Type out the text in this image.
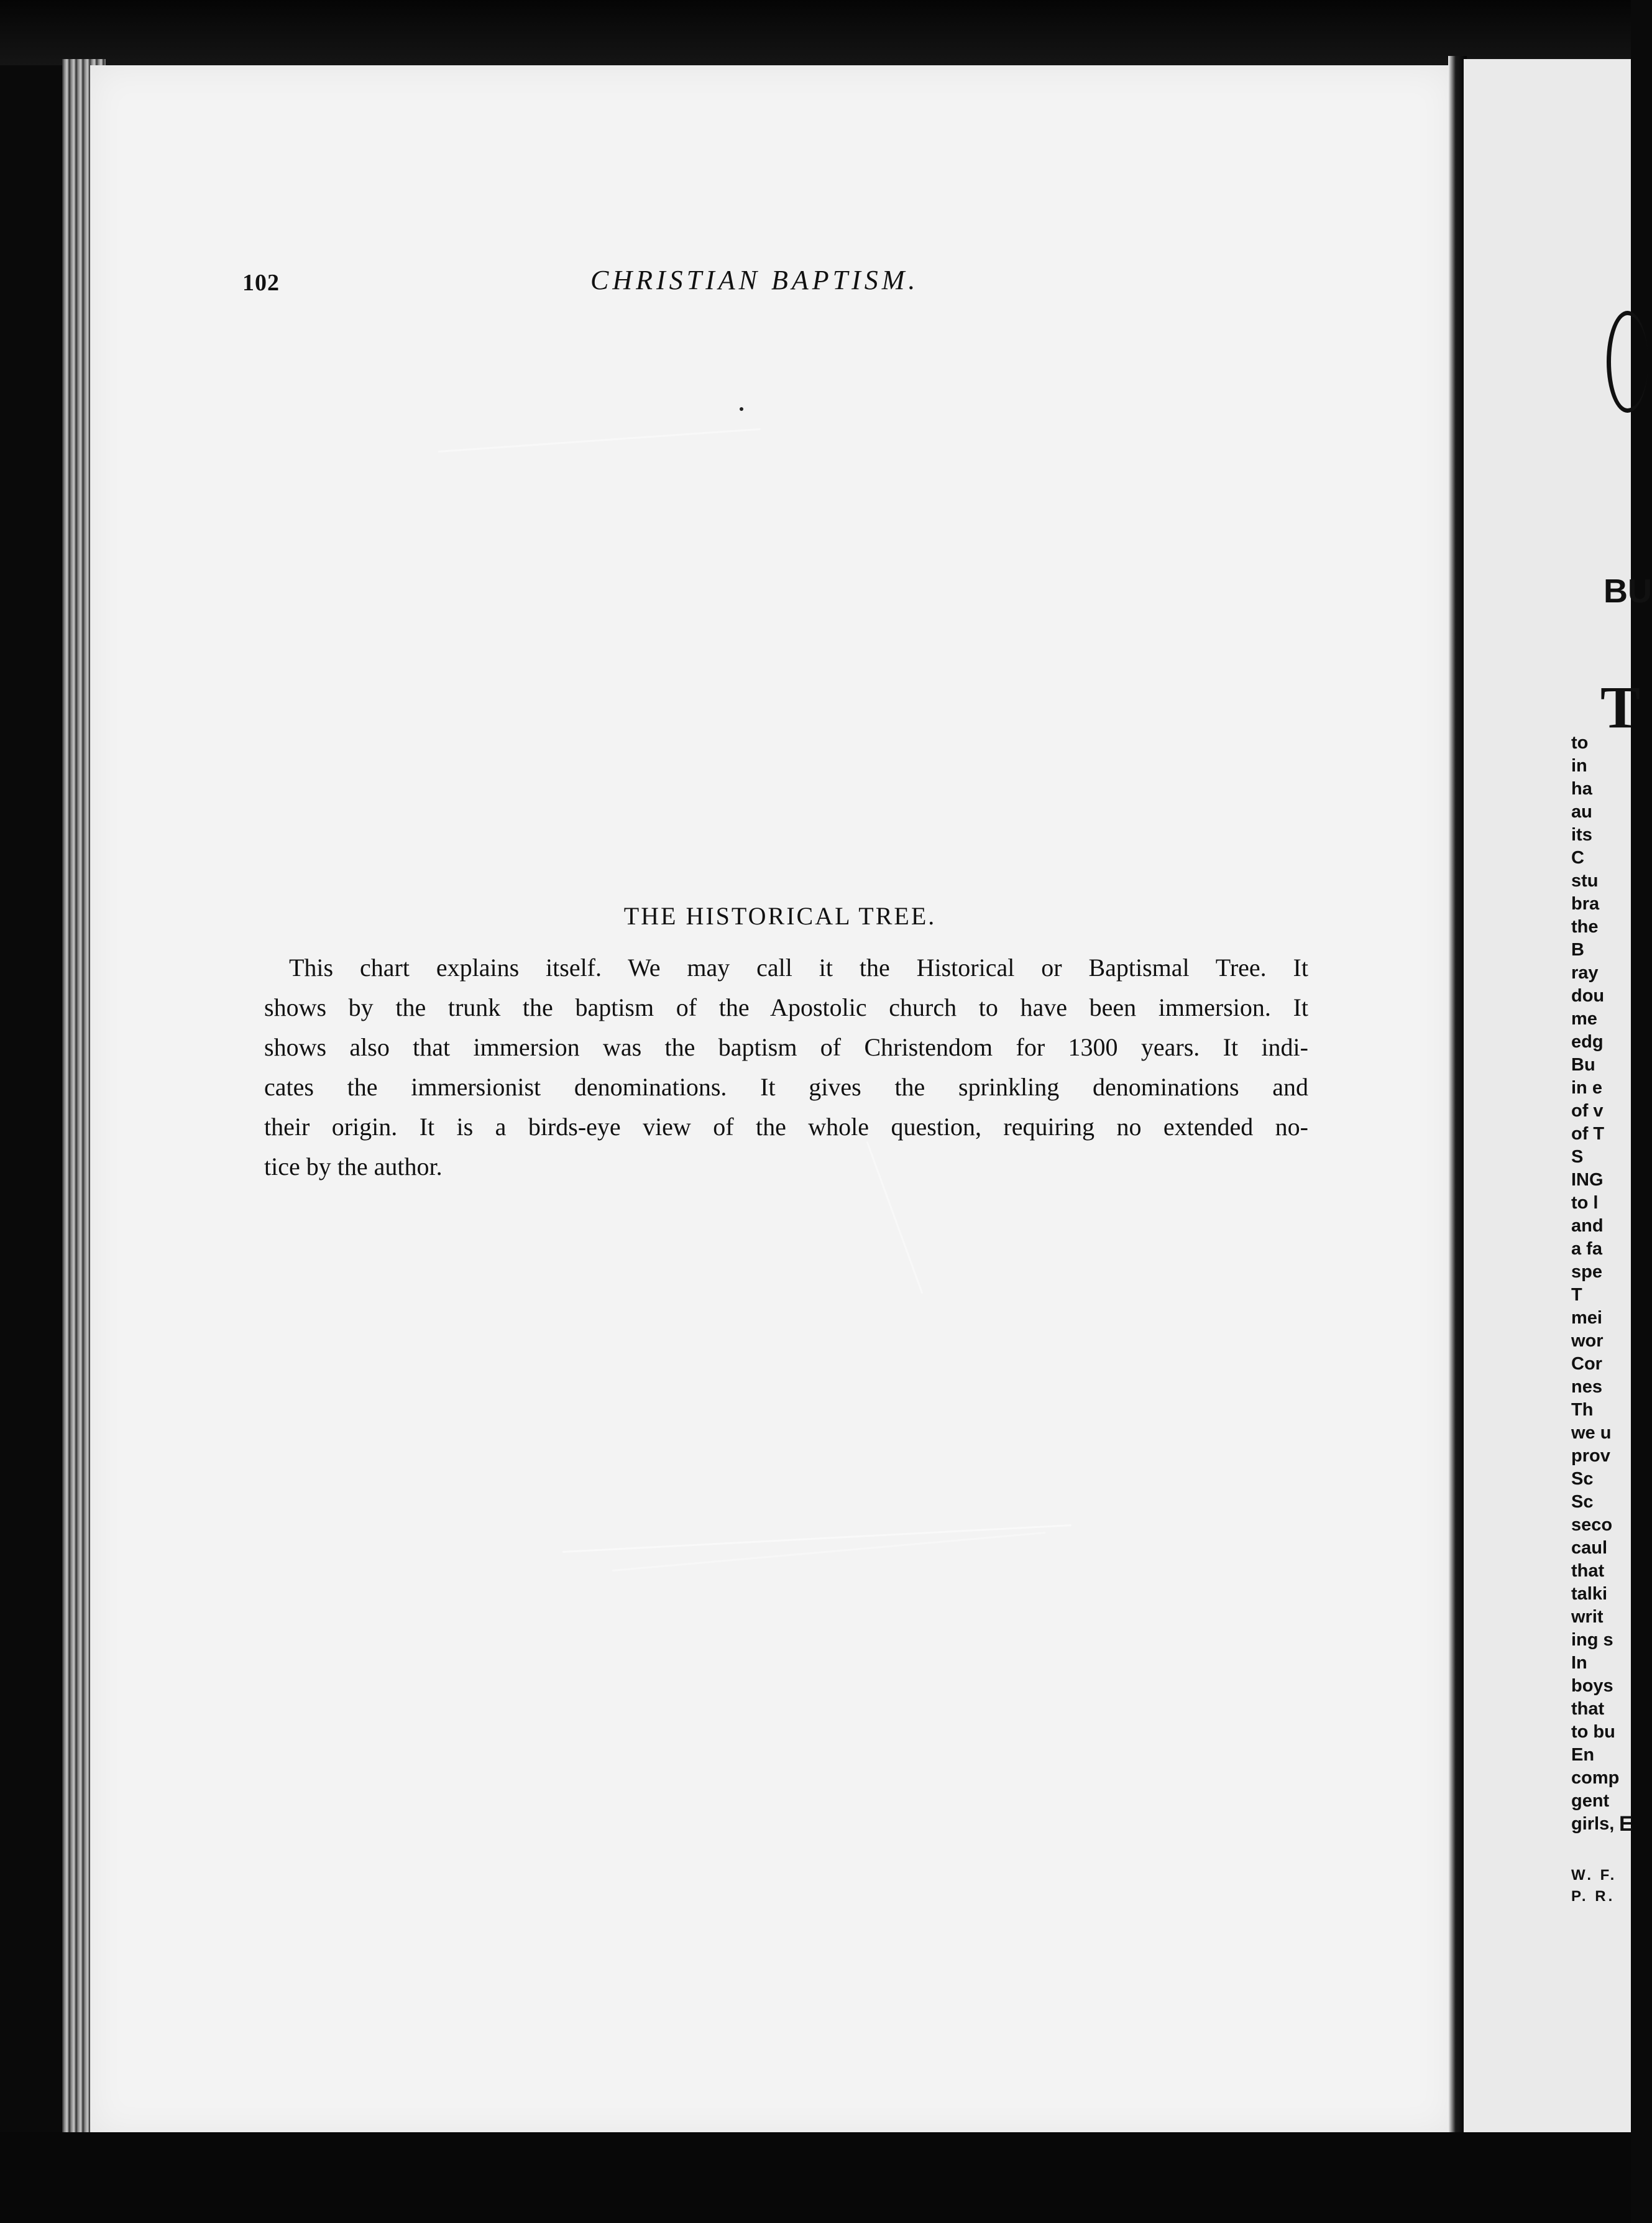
102	CHRISTIAN BAPTISM.
THE HISTORICAL TREE.
This chart explains itself. We may call it the Historical or Baptismal Tree. It
shows by the trunk the baptism of the Apostolic church to have been immersion. It
shows also that immersion was the baptism of Christendom for 1300 years. It indi-
cates the immersionist denominations. It gives the sprinkling denominations and
their origin. It is a birds-eye view of the whole question, requiring no extended no-
tice by the author.
BU
T
to
in
ha
au
its
C
stu
bra
the
B
ray
dou
me
edg
Bu
in e
of v
of T
S
ING
to l
and
a fa
spe
T
mei
wor
Cor
nes
Th
we u
prov
Sc
Sc
seco
caul
that
talki
writ
ing s
In
boys
that
to bu
En
comp
gent
girls, E
W. F.
P. R.
